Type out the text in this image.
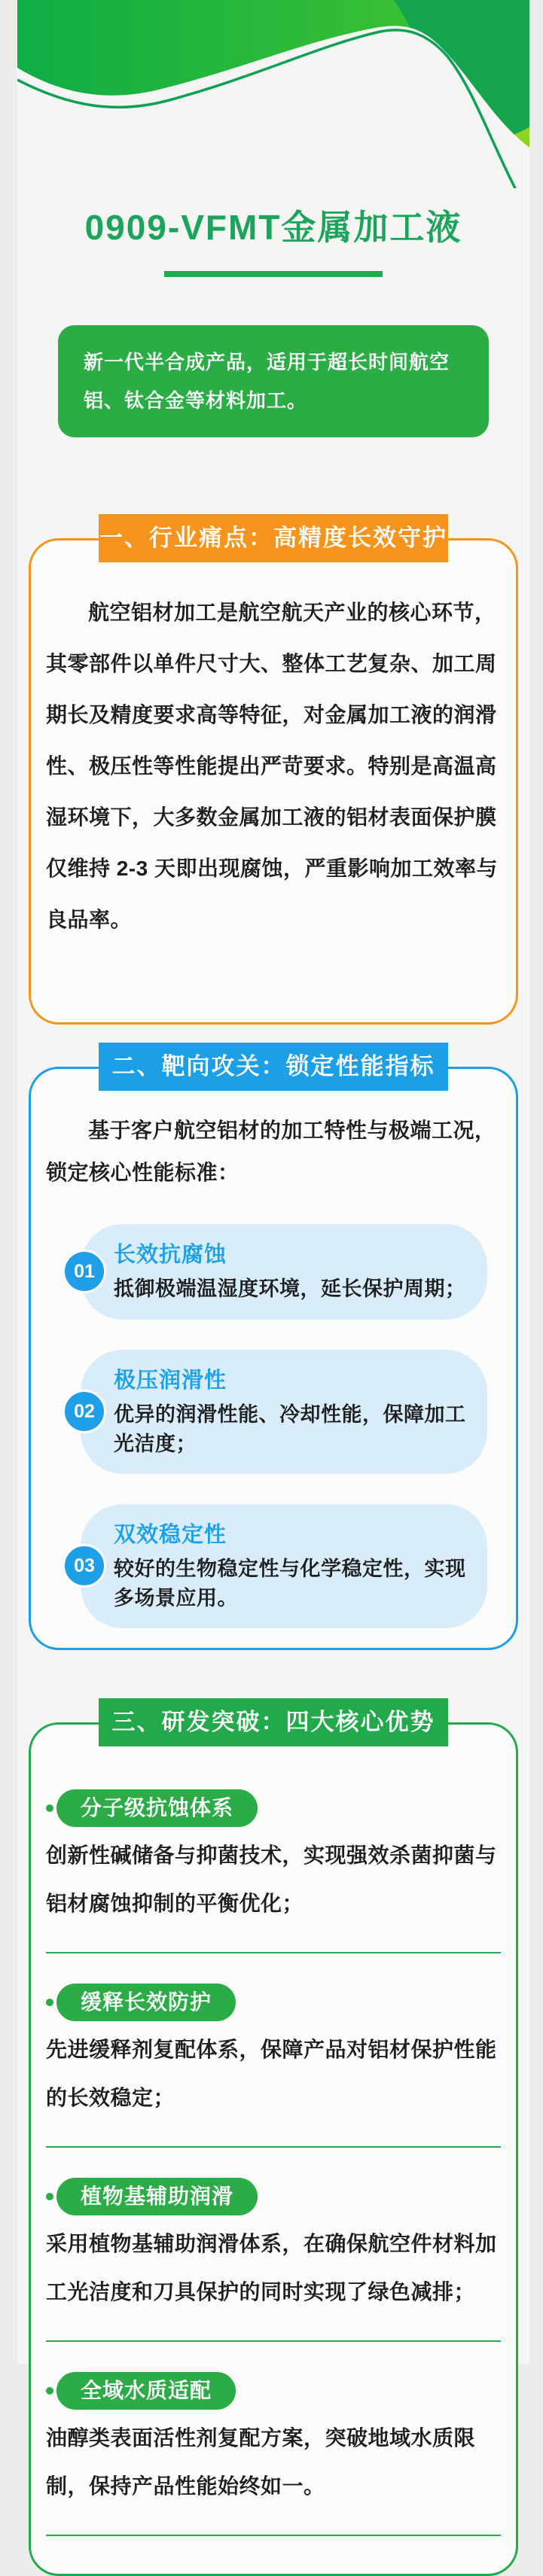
0909-VFMT金属加工液
新一代半合成产品，适用于超长时间航空铝、钛合金等材料加工。
一、行业痛点：高精度长效守护
航空铝材加工是航空航天产业的核心环节，其零部件以单件尺寸大、整体工艺复杂、加工周期长及精度要求高等特征，对金属加工液的润滑性、极压性等性能提出严苛要求。特别是高温高湿环境下，大多数金属加工液的铝材表面保护膜仅维持 2-3 天即出现腐蚀，严重影响加工效率与良品率。
二、靶向攻关：锁定性能指标
基于客户航空铝材的加工特性与极端工况，锁定核心性能标准：
01
长效抗腐蚀
抵御极端温湿度环境，延长保护周期；
02
极压润滑性
优异的润滑性能、冷却性能，保障加工光洁度；
03
双效稳定性
较好的生物稳定性与化学稳定性，实现多场景应用。
三、研发突破：四大核心优势
分子级抗蚀体系
创新性碱储备与抑菌技术，实现强效杀菌抑菌与铝材腐蚀抑制的平衡优化；
缓释长效防护
先进缓释剂复配体系，保障产品对铝材保护性能的长效稳定；
植物基辅助润滑
采用植物基辅助润滑体系，在确保航空件材料加工光洁度和刀具保护的同时实现了绿色减排；
全域水质适配
油醇类表面活性剂复配方案，突破地域水质限制，保持产品性能始终如一。
